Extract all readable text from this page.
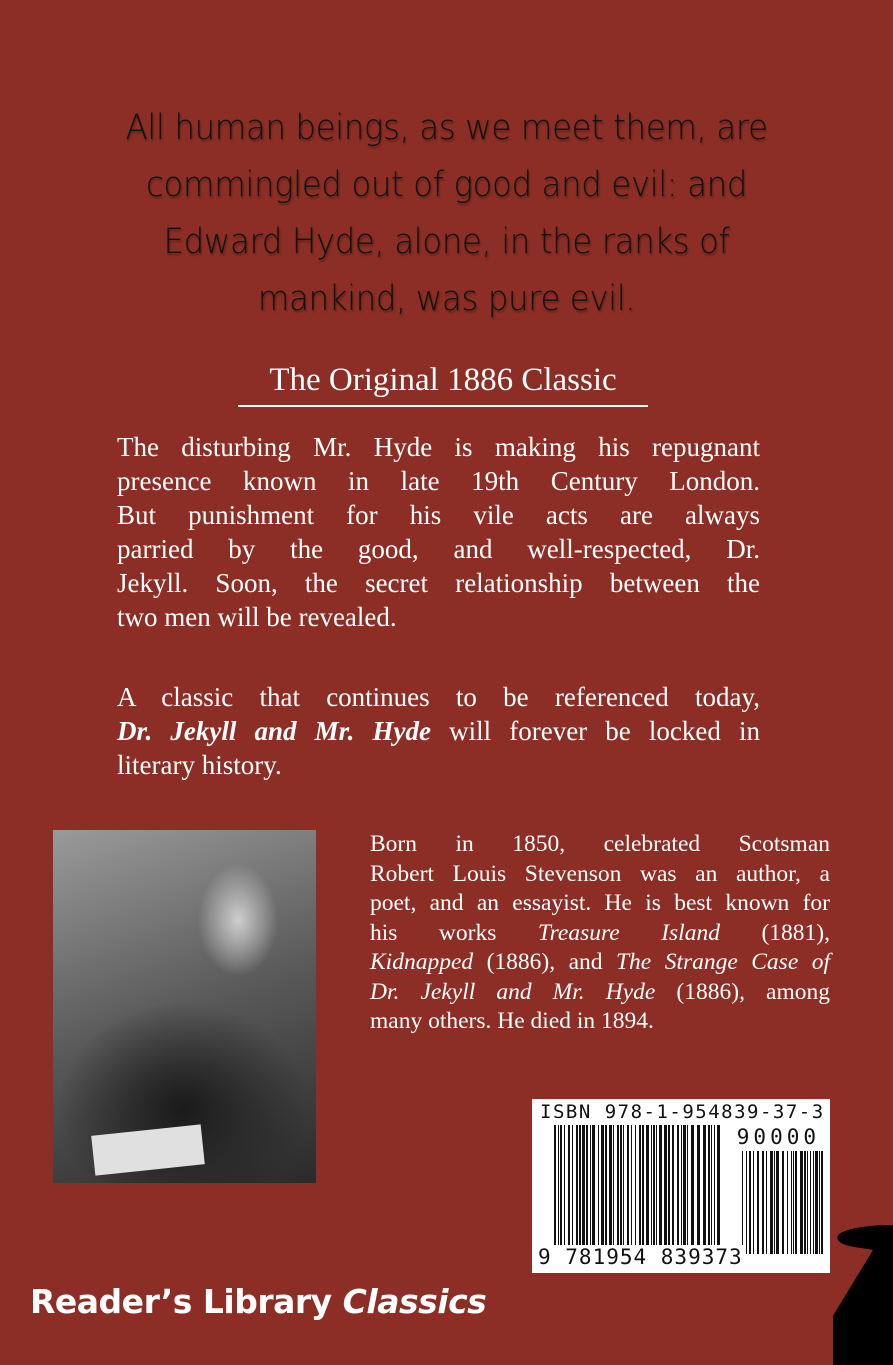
All human beings, as we meet them, are
commingled out of good and evil: and
Edward Hyde, alone, in the ranks of
mankind, was pure evil.
The Original 1886 Classic
The disturbing Mr. Hyde is making his repugnant
presence known in late 19th Century London.
But punishment for his vile acts are always
parried by the good, and well-respected, Dr.
Jekyll. Soon, the secret relationship between the
two men will be revealed.
A classic that continues to be referenced today,
Dr. Jekyll and Mr. Hyde will forever be locked in
literary history.
Born in 1850, celebrated Scotsman
Robert Louis Stevenson was an author, a
poet, and an essayist. He is best known for
his works Treasure Island (1881),
Kidnapped (1886), and The Strange Case of
Dr. Jekyll and Mr. Hyde (1886), among
many others. He died in 1894.
ISBN 978-1-954839-37-3
90000
9 781954 839373
Reader’s Library Classics
